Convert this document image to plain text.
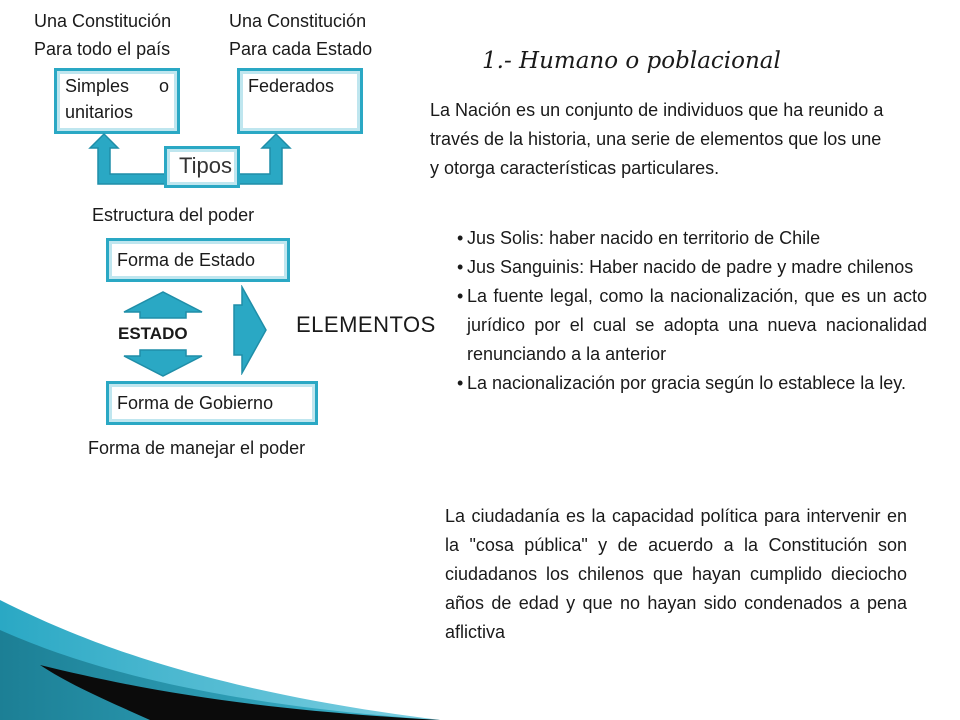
Una Constitución
Para todo el país
Una Constitución
Para cada Estado
Simples o
unitarios
Federados
Tipos
Estructura del poder
Forma de Estado
ESTADO	ELEMENTOS
Forma de Gobierno
Forma de manejar el poder
1.- Humano o poblacional
La Nación es un conjunto de individuos que ha reunido a través de la historia, una serie de elementos que los une y otorga características particulares.
• Jus Solis: haber nacido en territorio de Chile
• Jus Sanguinis: Haber nacido de padre y madre chilenos
• La fuente legal, como la nacionalización, que es un acto jurídico por el cual se adopta una nueva nacionalidad renunciando a la anterior
• La nacionalización por gracia según lo establece la ley.
La ciudadanía es la capacidad política para intervenir en la "cosa pública" y de acuerdo a la Constitución son ciudadanos los chilenos que hayan cumplido dieciocho años de edad y que no hayan sido condenados a pena aflictiva
